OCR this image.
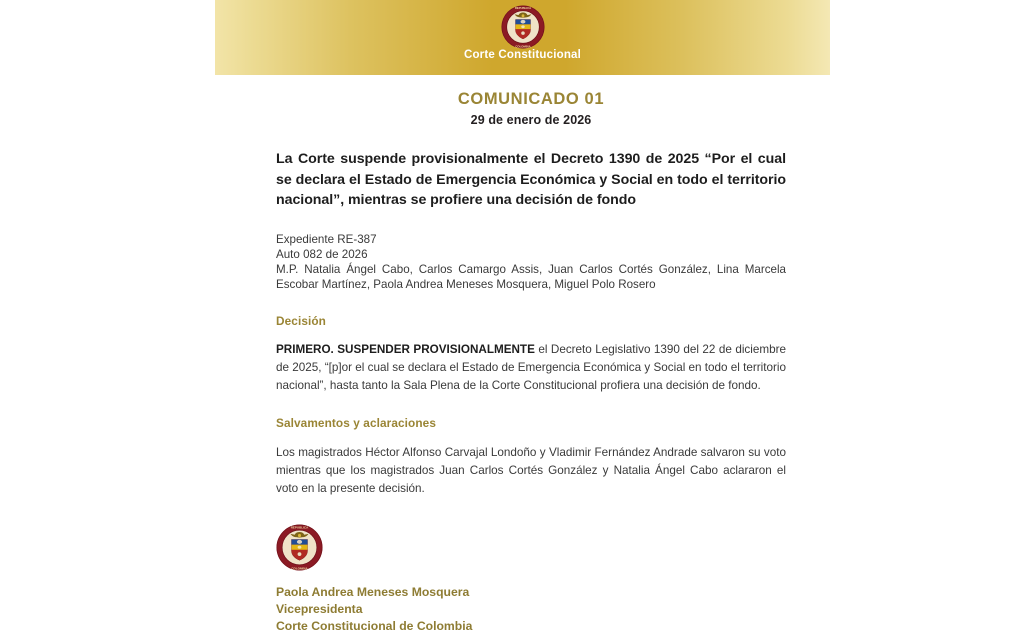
REPUBLICA
COLOMBIA
Corte Constitucional
COMUNICADO 01
29 de enero de 2026
La Corte suspende provisionalmente el Decreto 1390 de 2025 “Por el cual se declara el Estado de Emergencia Económica y Social en todo el territorio nacional”, mientras se profiere una decisión de fondo
Expediente RE-387
Auto 082 de 2026
M.P. Natalia Ángel Cabo, Carlos Camargo Assis, Juan Carlos Cortés González, Lina Marcela Escobar Martínez, Paola Andrea Meneses Mosquera, Miguel Polo Rosero
Decisión

PRIMERO. SUSPENDER PROVISIONALMENTE el Decreto Legislativo 1390 del 22 de diciembre de 2025, “[p]or el cual se declara el Estado de Emergencia Económica y Social en todo el territorio nacional”, hasta tanto la Sala Plena de la Corte Constitucional profiera una decisión de fondo.

Salvamentos y aclaraciones

Los magistrados Héctor Alfonso Carvajal Londoño y Vladimir Fernández Andrade salvaron su voto mientras que los magistrados Juan Carlos Cortés González y Natalia Ángel Cabo aclararon el voto en la presente decisión.

REPUBLICA
COLOMBIA
Paola Andrea Meneses Mosquera
Vicepresidenta
Corte Constitucional de Colombia
